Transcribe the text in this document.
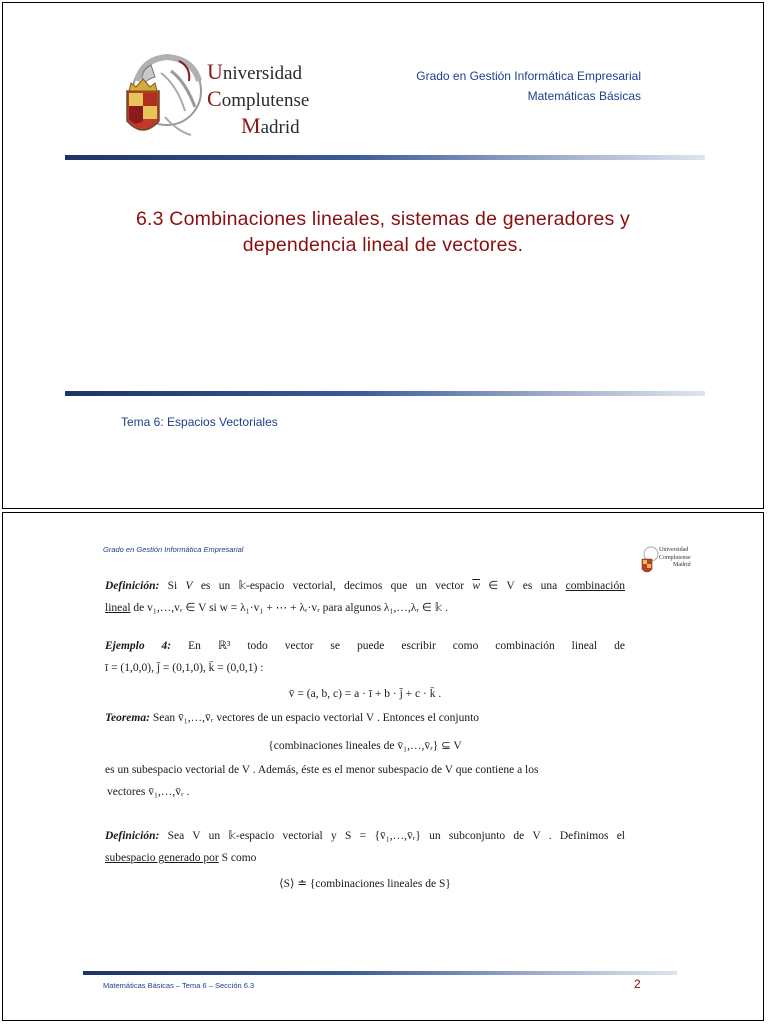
Universidad
Complutense
Madrid
Grado en Gestión Informática Empresarial
Matemáticas Básicas
6.3 Combinaciones lineales, sistemas de generadores y
dependencia lineal de vectores.
Tema 6: Espacios Vectoriales
Grado en Gestión Informática Empresarial	Universidad
Complutense
Madrid
Definición: Si V es un 𝕜-espacio vectorial, decimos que un vector $\overline{w}$ ∈ V es una combinación
lineal de v₁,…,vᵣ ∈ V si w = λ₁·v₁ + ⋯ + λᵣ·vᵣ para algunos λ₁,…,λᵣ ∈ 𝕜 .
Ejemplo 4: En ℝ³ todo vector se puede escribir como combinación lineal de
ī = (1,0,0), j̄ = (0,1,0), k̄ = (0,0,1) :
v̄ = (a, b, c) = a · ī + b · j̄ + c · k̄ .
Teorema: Sean v̄₁,…,v̄ᵣ vectores de un espacio vectorial V . Entonces el conjunto
{combinaciones lineales de v̄₁,…,v̄ᵣ} ⊆ V
es un subespacio vectorial de V . Además, éste es el menor subespacio de V que contiene a los
vectores v̄₁,…,v̄ᵣ .
Definición: Sea V un 𝕜-espacio vectorial y S = {v̄₁,…,v̄ᵣ} un subconjunto de V . Definimos el
subespacio generado por S como
⟨S⟩ ≐ {combinaciones lineales de S}
Matemáticas Básicas – Tema 6 – Sección 6.3	2
